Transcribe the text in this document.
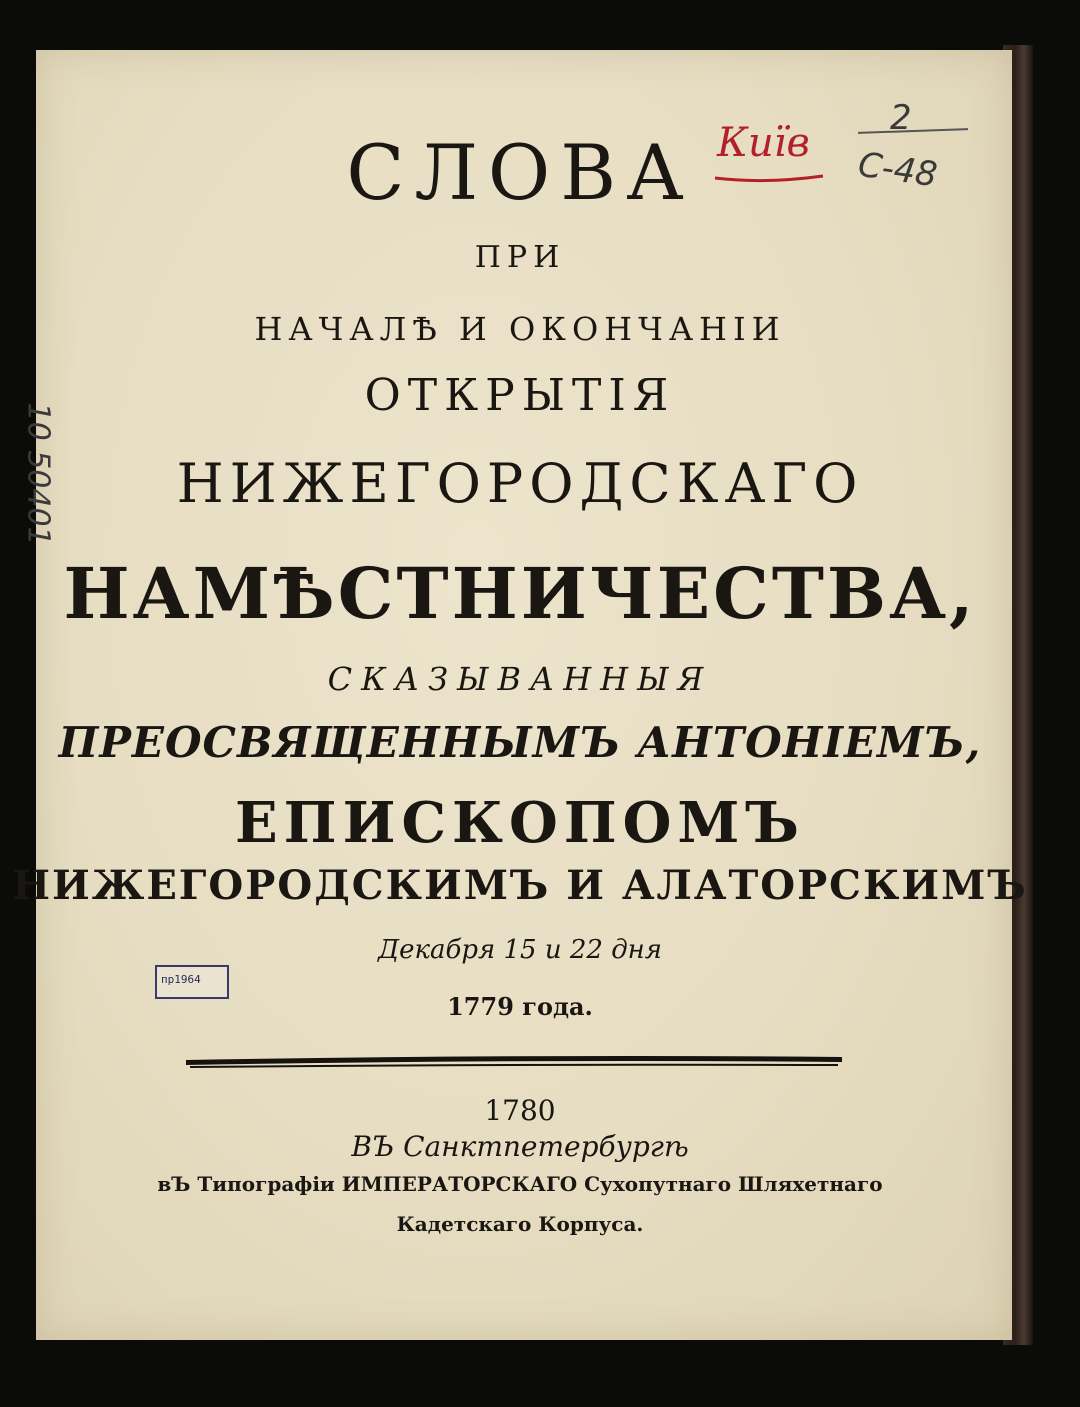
СЛОВА
ПРИ
НАЧАЛѢ И ОКОНЧАНІИ
ОТКРЫТІЯ
НИЖЕГОРОДСКАГО
НАМѢСТНИЧЕСТВА,
СКАЗЫВАННЫЯ
ПРЕОСВЯЩЕННЫМЪ АНТОНІЕМЪ,
ЕПИСКОПОМЪ
НИЖЕГОРОДСКИМЪ И АЛАТОРСКИМЪ
Декабря 15 и 22 дня
1779 года.
1780
ВЪ Санктпетербургѣ
вЪ Типографіи ИМПЕРАТОРСКАГО Сухопутнаго Шляхетнаго
Кадетскаго Корпуса.
2
С-48
10 50401
Київ
пр1964
